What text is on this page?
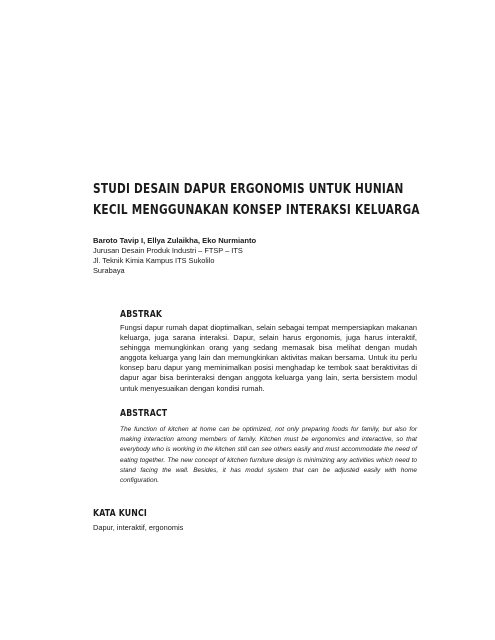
STUDI DESAIN DAPUR ERGONOMIS UNTUK HUNIAN
KECIL MENGGUNAKAN KONSEP INTERAKSI KELUARGA

Baroto Tavip I, Ellya Zulaikha, Eko Nurmianto

Jurusan Desain Produk Industri – FTSP – ITS
Jl. Teknik Kimia Kampus ITS Sukolilo
Surabaya
ABSTRAK

Fungsi dapur rumah dapat dioptimalkan, selain sebagai tempat mempersiapkan makanan keluarga, juga sarana interaksi. Dapur, selain harus ergonomis, juga harus interaktif, sehingga memungkinkan orang yang sedang memasak bisa melihat dengan mudah anggota keluarga yang lain dan memungkinkan aktivitas makan bersama. Untuk itu perlu konsep baru dapur yang meminimalkan posisi menghadap ke tembok saat beraktivitas di dapur agar bisa berinteraksi dengan anggota keluarga yang lain, serta bersistem modul untuk menyesuaikan dengan kondisi rumah.

ABSTRACT

The function of kitchen at home can be optimized, not only preparing foods for family, but also for making interaction among members of family. Kitchen must be ergonomics and interactive, so that everybody who is working in the kitchen still can see others easily and must accommodate the need of eating together. The new concept of kitchen furniture design is minimizing any activities which need to stand facing the wall. Besides, it has modul system that can be adjusted easily with home configuration.

KATA KUNCI

Dapur, interaktif, ergonomis
